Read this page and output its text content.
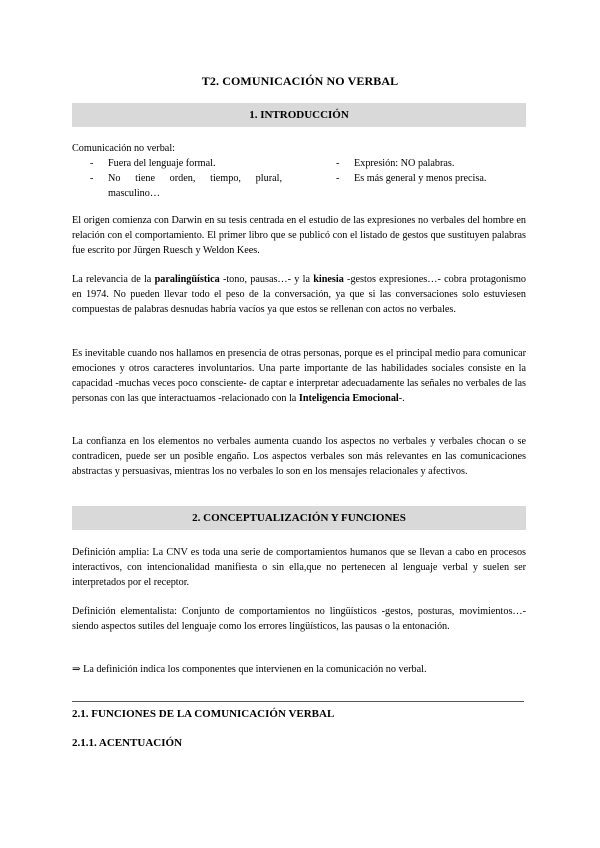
T2. COMUNICACIÓN NO VERBAL
1. INTRODUCCIÓN

Comunicación no verbal:

- Fuera del lenguaje formal.
- No tiene orden, tiempo, plural, masculino…
- Expresión: NO palabras.
- Es más general y menos precisa.

El origen comienza con Darwin en su tesis centrada en el estudio de las expresiones no verbales del hombre en relación con el comportamiento. El primer libro que se publicó con el listado de gestos que sustituyen palabras fue escrito por Jürgen Ruesch y Weldon Kees.

La relevancia de la paralingüística -tono, pausas…- y la kinesia -gestos expresiones…- cobra protagonismo en 1974. No pueden llevar todo el peso de la conversación, ya que si las conversaciones solo estuviesen compuestas de palabras desnudas habría vacíos ya que estos se rellenan con actos no verbales.

Es inevitable cuando nos hallamos en presencia de otras personas, porque es el principal medio para comunicar emociones y otros caracteres involuntarios. Una parte importante de las habilidades sociales consiste en la capacidad -muchas veces poco consciente- de captar e interpretar adecuadamente las señales no verbales de las personas con las que interactuamos -relacionado con la Inteligencia Emocional-.

La confianza en los elementos no verbales aumenta cuando los aspectos no verbales y verbales chocan o se contradicen, puede ser un posible engaño. Los aspectos verbales son más relevantes en las comunicaciones abstractas y persuasivas, mientras los no verbales lo son en los mensajes relacionales y afectivos.

2. CONCEPTUALIZACIÓN Y FUNCIONES

Definición amplia: La CNV es toda una serie de comportamientos humanos que se llevan a cabo en procesos interactivos, con intencionalidad manifiesta o sin ella,que no pertenecen al lenguaje verbal y suelen ser interpretados por el receptor.

Definición elementalista: Conjunto de comportamientos no lingüísticos -gestos, posturas, movimientos…- siendo aspectos sutiles del lenguaje como los errores lingüísticos, las pausas o la entonación.

⇒ La definición indica los componentes que intervienen en la comunicación no verbal.

2.1. FUNCIONES DE LA COMUNICACIÓN VERBAL
2.1.1. ACENTUACIÓN
